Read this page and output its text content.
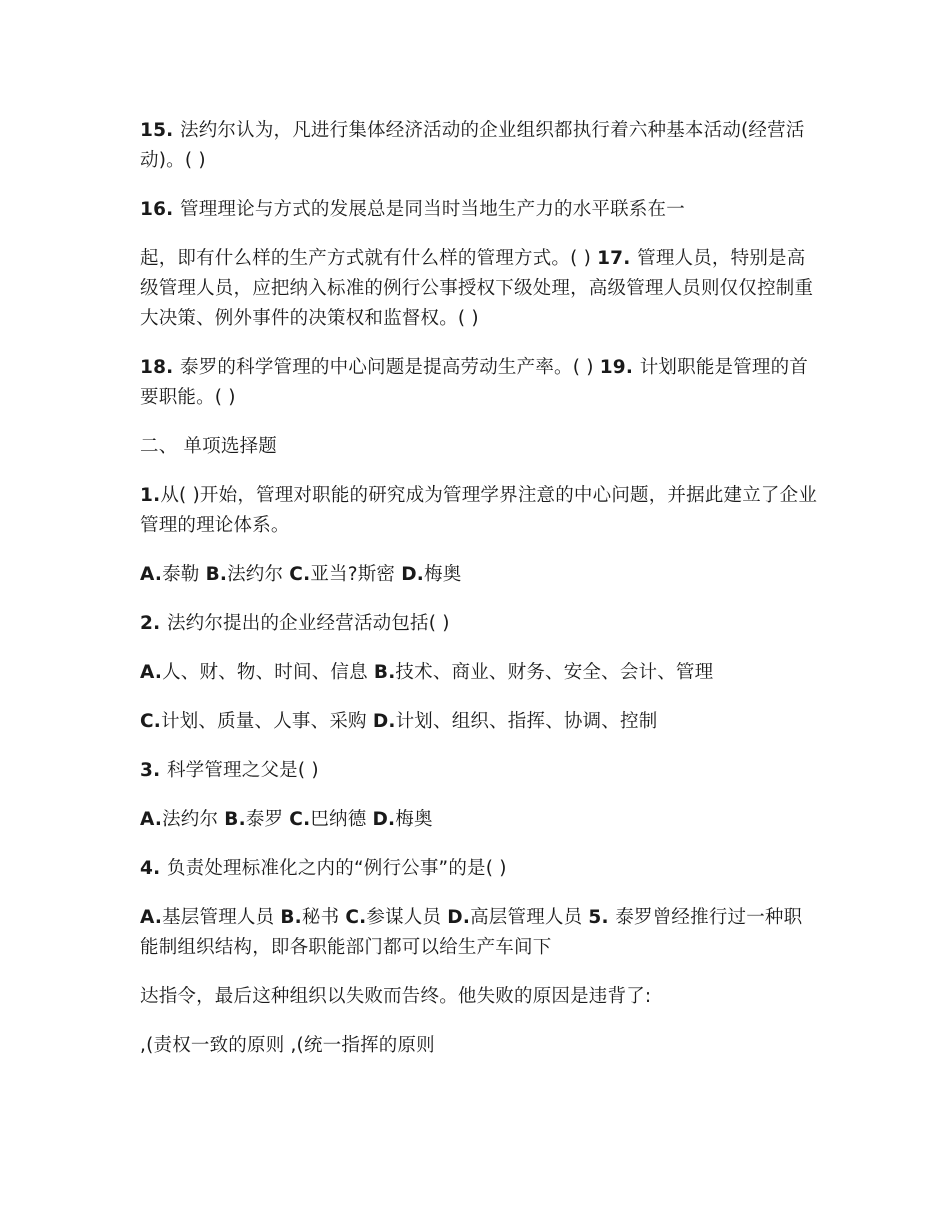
15. 法约尔认为，凡进行集体经济活动的企业组织都执行着六种基本活动(经营活动)。( )

16. 管理理论与方式的发展总是同当时当地生产力的水平联系在一

起，即有什么样的生产方式就有什么样的管理方式。( ) 17. 管理人员，特别是高级管理人员，应把纳入标准的例行公事授权下级处理，高级管理人员则仅仅控制重大决策、例外事件的决策权和监督权。( )

18. 泰罗的科学管理的中心问题是提高劳动生产率。( ) 19. 计划职能是管理的首要职能。( )

二、 单项选择题

1.从( )开始，管理对职能的研究成为管理学界注意的中心问题，并据此建立了企业管理的理论体系。

A.泰勒 B.法约尔 C.亚当?斯密 D.梅奥

2. 法约尔提出的企业经营活动包括( )

A.人、财、物、时间、信息 B.技术、商业、财务、安全、会计、管理

C.计划、质量、人事、采购 D.计划、组织、指挥、协调、控制

3. 科学管理之父是( )

A.法约尔 B.泰罗 C.巴纳德 D.梅奥

4. 负责处理标准化之内的“例行公事”的是( )

A.基层管理人员 B.秘书 C.参谋人员 D.高层管理人员 5. 泰罗曾经推行过一种职能制组织结构，即各职能部门都可以给生产车间下

达指令，最后这种组织以失败而告终。他失败的原因是违背了:

,(责权一致的原则 ,(统一指挥的原则
